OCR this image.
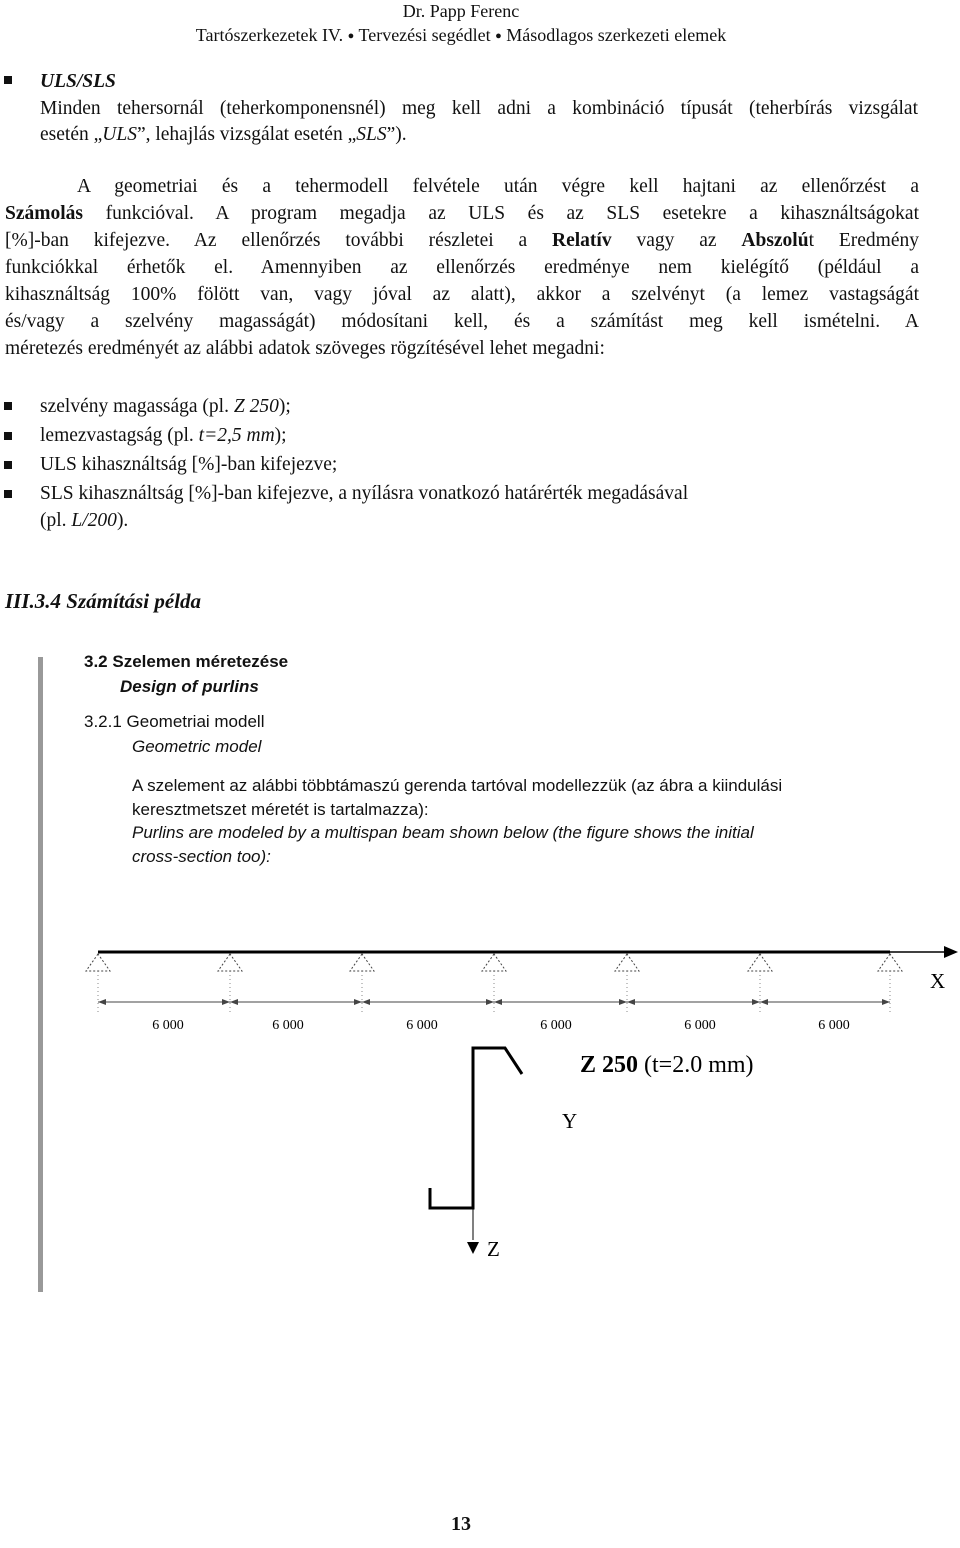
Dr. Papp Ferenc
Tartószerkezetek IV. ● Tervezési segédlet ● Másodlagos szerkezeti elemek
ULS/SLS
Minden tehersornál (teherkomponensnél) meg kell adni a kombináció típusát (teherbírás vizsgálat
esetén „ULS”, lehajlás vizsgálat esetén „SLS”).
A geometriai és a tehermodell felvétele után végre kell hajtani az ellenőrzést a
Számolás funkcióval. A program megadja az ULS és az SLS esetekre a kihasználtságokat
[%]-ban kifejezve. Az ellenőrzés további részletei a Relatív vagy az Abszolút Eredmény
funkciókkal érhetők el. Amennyiben az ellenőrzés eredménye nem kielégítő (például a
kihasználtság 100% fölött van, vagy jóval az alatt), akkor a szelvényt (a lemez vastagságát
és/vagy a szelvény magasságát) módosítani kell, és a számítást meg kell ismételni. A
méretezés eredményét az alábbi adatok szöveges rögzítésével lehet megadni:
szelvény magassága (pl. Z 250);
lemezvastagság (pl. t=2,5 mm);
ULS kihasználtság [%]-ban kifejezve;
SLS kihasználtság [%]-ban kifejezve, a nyílásra vonatkozó határérték megadásával
(pl. L/200).
III.3.4 Számítási példa
3.2 Szelemen méretezése
Design of purlins
3.2.1 Geometriai modell
Geometric model
A szelement az alábbi többtámaszú gerenda tartóval modellezzük (az ábra a kiindulási
keresztmetszet méretét is tartalmazza):
Purlins are modeled by a multispan beam shown below (the figure shows the initial
cross-section too):
X
6 000	6 000	6 000	6 000	6 000	6 000
Z
Y
Z 250 (t=2.0 mm)
13
